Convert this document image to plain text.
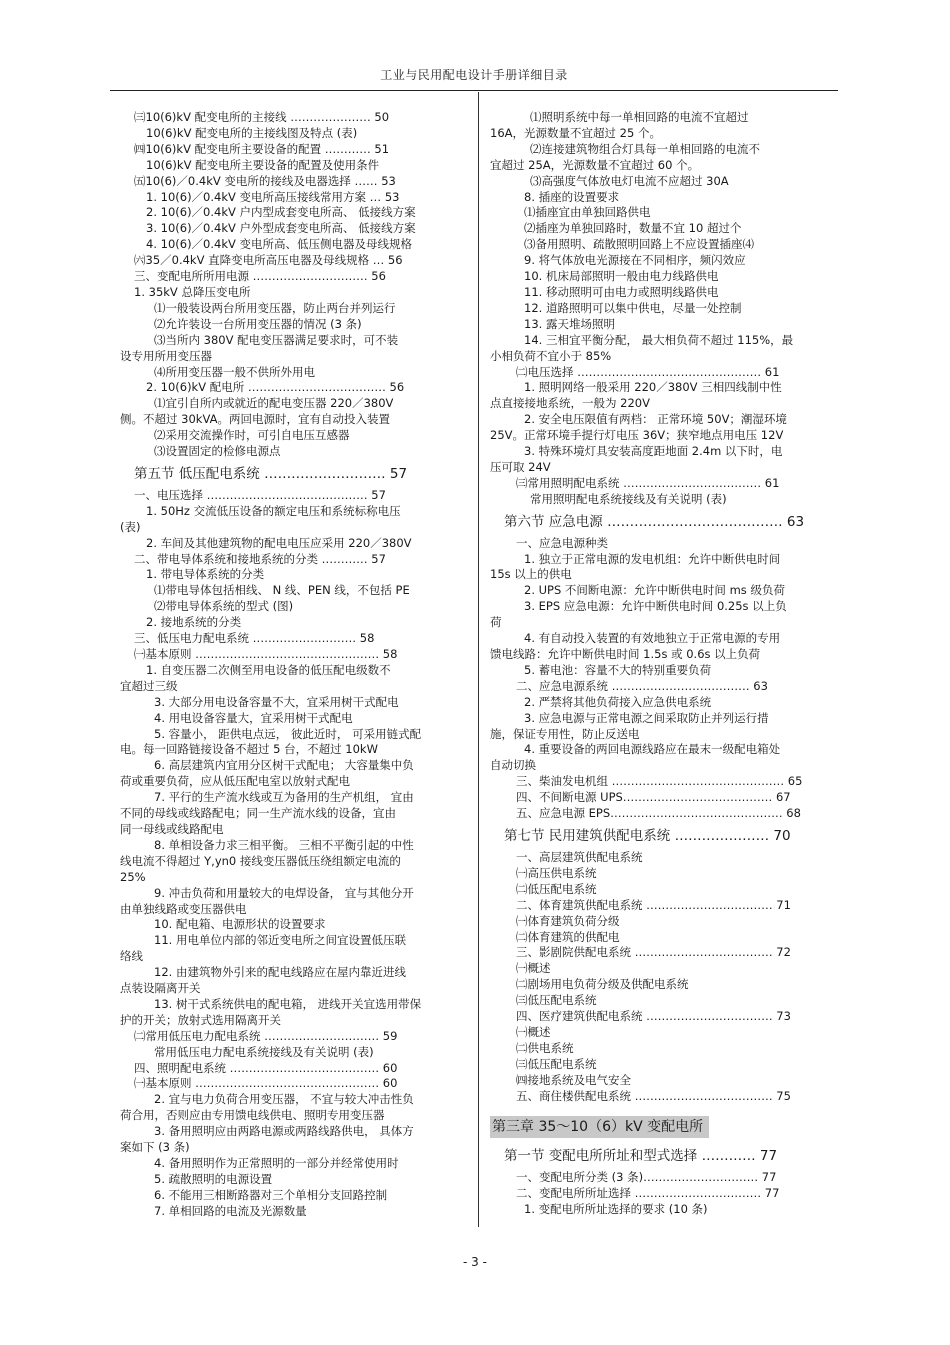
工业与民用配电设计手册详细目录
㈢10(6)kV 配变电所的主接线 ………………… 50
10(6)kV 配变电所的主接线图及特点 (表)
㈣10(6)kV 配变电所主要设备的配置 ………… 51
10(6)kV 配变电所主要设备的配置及使用条件
㈤10(6)／0.4kV 变电所的接线及电器选择 …… 53
1. 10(6)／0.4kV 变电所高压接线常用方案 … 53
2. 10(6)／0.4kV 户内型成套变电所高、 低接线方案
3. 10(6)／0.4kV 户外型成套变电所高、 低接线方案
4. 10(6)／0.4kV 变电所高、低压侧电器及母线规格
㈥35／0.4kV 直降变电所高压电器及母线规格 … 56
三、变配电所所用电源 ………………………… 56
1. 35kV 总降压变电所
⑴一般装设两台所用变压器，防止两台并列运行
⑵允许装设一台所用变压器的情况 (3 条)
⑶当所内 380V 配电变压器满足要求时，可不装
设专用所用变压器
⑷所用变压器一般不供所外用电
2. 10(6)kV 配电所 ……………………………… 56
⑴宜引自所内或就近的配电变压器 220／380V
侧。不超过 30kVA。两回电源时，宜有自动投入装置
⑵采用交流操作时，可引自电压互感器
⑶设置固定的检修电源点
第五节 低压配电系统 ……………………… 57
一、电压选择 …………………………………… 57
1. 50Hz 交流低压设备的额定电压和系统标称电压
(表)
2. 车间及其他建筑物的配电电压应采用 220／380V
二、带电导体系统和接地系统的分类 ………… 57
1. 带电导体系统的分类
⑴带电导体包括相线、 N 线、PEN 线，不包括 PE
⑵带电导体系统的型式 (图)
2. 接地系统的分类
三、低压电力配电系统 ……………………… 58
㈠基本原则 ………………………………………… 58
1. 自变压器二次侧至用电设备的低压配电级数不
宜超过三级
3. 大部分用电设备容量不大，宜采用树干式配电
4. 用电设备容量大，宜采用树干式配电
5. 容量小， 距供电点远， 彼此近时， 可采用链式配
电。每一回路链接设备不超过 5 台，不超过 10kW
6. 高层建筑内宜用分区树干式配电； 大容量集中负
荷或重要负荷，应从低压配电室以放射式配电
7. 平行的生产流水线或互为备用的生产机组， 宜由
不同的母线或线路配电；同一生产流水线的设备，宜由
同一母线或线路配电
8. 单相设备力求三相平衡。 三相不平衡引起的中性
线电流不得超过 Y,yn0 接线变压器低压绕组额定电流的
25%
9. 冲击负荷和用量较大的电焊设备， 宜与其他分开
由单独线路或变压器供电
10. 配电箱、电源形状的设置要求
11. 用电单位内部的邻近变电所之间宜设置低压联
络线
12. 由建筑物外引来的配电线路应在屋内靠近进线
点装设隔离开关
13. 树干式系统供电的配电箱， 进线开关宜选用带保
护的开关；放射式选用隔离开关
㈡常用低压电力配电系统 ………………………… 59
常用低压电力配电系统接线及有关说明 (表)
四、照明配电系统 ………………………………… 60
㈠基本原则 ………………………………………… 60
2. 宜与电力负荷合用变压器， 不宜与较大冲击性负
荷合用，否则应由专用馈电线供电、照明专用变压器
3. 备用照明应由两路电源或两路线路供电， 具体方
案如下 (3 条)
4. 备用照明作为正常照明的一部分并经常使用时
5. 疏散照明的电源设置
6. 不能用三相断路器对三个单相分支回路控制
7. 单相回路的电流及光源数量
⑴照明系统中每一单相回路的电流不宜超过
16A，光源数量不宜超过 25 个。
⑵连接建筑物组合灯具每一单相回路的电流不
宜超过 25A，光源数量不宜超过 60 个。
⑶高强度气体放电灯电流不应超过 30A
8. 插座的设置要求
⑴插座宜由单独回路供电
⑵插座为单独回路时，数量不宜 10 超过个
⑶备用照明、疏散照明回路上不应设置插座⑷
9. 将气体放电光源接在不同相序，频闪效应
10. 机床局部照明一般由电力线路供电
11. 移动照明可由电力或照明线路供电
12. 道路照明可以集中供电，尽量一处控制
13. 露天堆场照明
14. 三相宜平衡分配， 最大相负荷不超过 115%，最
小相负荷不宜小于 85%
㈡电压选择 ………………………………………… 61
1. 照明网络一般采用 220／380V 三相四线制中性
点直接接地系统，一般为 220V
2. 安全电压限值有两档： 正常环境 50V；潮湿环境
25V。正常环境手提行灯电压 36V；狭窄地点用电压 12V
3. 特殊环境灯具安装高度距地面 2.4m 以下时，电
压可取 24V
㈢常用照明配电系统 ……………………………… 61
常用照明配电系统接线及有关说明 (表)
第六节 应急电源 ………………………………… 63
一、应急电源种类
1. 独立于正常电源的发电机组：允许中断供电时间
15s 以上的供电
2. UPS 不间断电源：允许中断供电时间 ms 级负荷
3. EPS 应急电源：允许中断供电时间 0.25s 以上负
荷
4. 有自动投入装置的有效地独立于正常电源的专用
馈电线路：允许中断供电时间 1.5s 或 0.6s 以上负荷
5. 蓄电池：容量不大的特别重要负荷
二、应急电源系统 ……………………………… 63
2. 严禁将其他负荷接入应急供电系统
3. 应急电源与正常电源之间采取防止并列运行措
施，保证专用性，防止反送电
4. 重要设备的两回电源线路应在最末一级配电箱处
自动切换
三、柴油发电机组 ……………………………………… 65
四、不间断电源 UPS………………………………… 67
五、应急电源 EPS……………………………………… 68
第七节 民用建筑供配电系统 ………………… 70
一、高层建筑供配电系统
㈠高压供电系统
㈡低压配电系统
二、体育建筑供配电系统 …………………………… 71
㈠体育建筑负荷分级
㈡体育建筑的供配电
三、影剧院供配电系统 ……………………………… 72
㈠概述
㈡剧场用电负荷分级及供配电系统
㈢低压配电系统
四、医疗建筑供配电系统 …………………………… 73
㈠概述
㈡供电系统
㈢低压配电系统
㈣接地系统及电气安全
五、商住楼供配电系统 ……………………………… 75
第三章 35～10（6）kV 变配电所
第一节 变配电所所址和型式选择 ………… 77
一、变配电所分类 (3 条)………………………… 77
二、变配电所所址选择 …………………………… 77
1. 变配电所所址选择的要求 (10 条)
- 3 -
